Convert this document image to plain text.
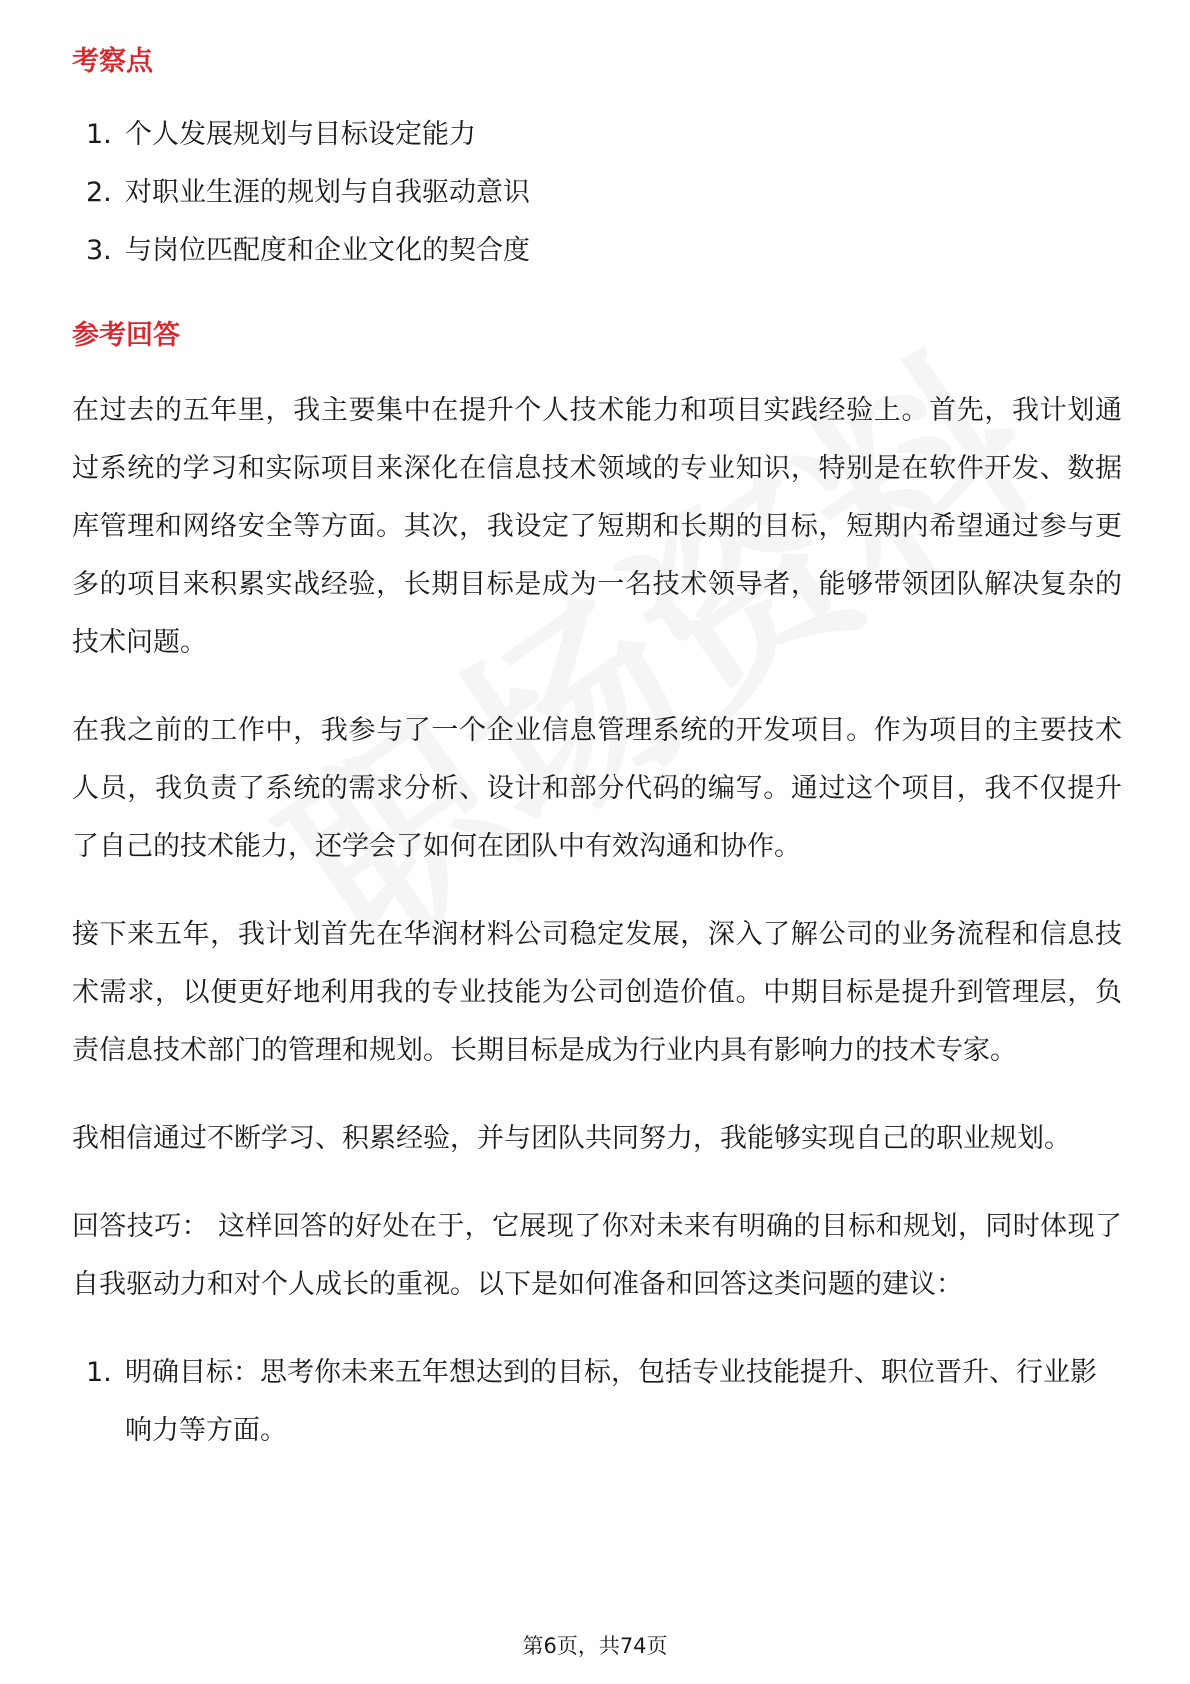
考察点
1. 个人发展规划与目标设定能力
2. 对职业生涯的规划与自我驱动意识
3. 与岗位匹配度和企业文化的契合度
参考回答

在过去的五年里，我主要集中在提升个人技术能力和项目实践经验上。首先，我计划通过系统的学习和实际项目来深化在信息技术领域的专业知识，特别是在软件开发、数据库管理和网络安全等方面。其次，我设定了短期和长期的目标，短期内希望通过参与更多的项目来积累实战经验，长期目标是成为一名技术领导者，能够带领团队解决复杂的技术问题。

在我之前的工作中，我参与了一个企业信息管理系统的开发项目。作为项目的主要技术人员，我负责了系统的需求分析、设计和部分代码的编写。通过这个项目，我不仅提升了自己的技术能力，还学会了如何在团队中有效沟通和协作。

接下来五年，我计划首先在华润材料公司稳定发展，深入了解公司的业务流程和信息技术需求，以便更好地利用我的专业技能为公司创造价值。中期目标是提升到管理层，负责信息技术部门的管理和规划。长期目标是成为行业内具有影响力的技术专家。

我相信通过不断学习、积累经验，并与团队共同努力，我能够实现自己的职业规划。

回答技巧： 这样回答的好处在于，它展现了你对未来有明确的目标和规划，同时体现了自我驱动力和对个人成长的重视。以下是如何准备和回答这类问题的建议：

1. 明确目标：思考你未来五年想达到的目标，包括专业技能提升、职位晋升、行业影响力等方面。
第6页，共74页
